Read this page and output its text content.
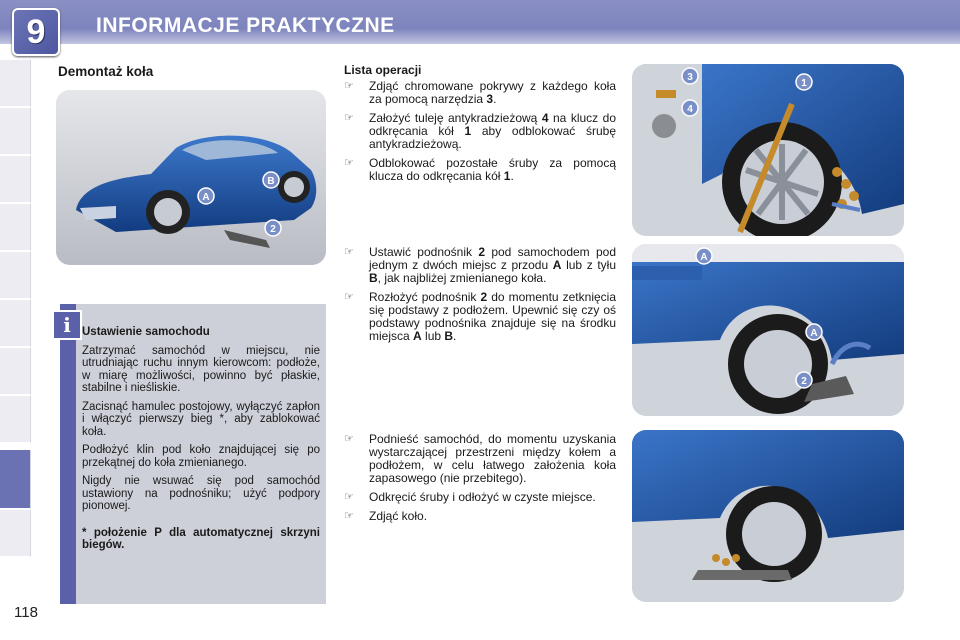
9 INFORMACJE PRAKTYCZNE
Demontaż koła
A
B
2
i Ustawienie samochodu

Zatrzymać samochód w miejscu, nie utrudniając ruchu innym kierowcom: podłoże, w miarę możliwości, powinno być płaskie, stabilne i nieśliskie.

Zacisnąć hamulec postojowy, wyłączyć zapłon i włączyć pierwszy bieg *, aby zablokować koła.

Podłożyć klin pod koło znajdującej się po przekątnej do koła zmienianego.

Nigdy nie wsuwać się pod samochód ustawiony na podnośniku; użyć podpory pionowej.

* położenie P dla automatycznej skrzyni biegów.

Lista operacji
☞ Zdjąć chromowane pokrywy z każdego koła za pomocą narzędzia 3.
☞ Założyć tuleję antykradzieżową 4 na klucz do odkręcania kół 1 aby odblokować śrubę antykradzieżową.
☞ Odblokować pozostałe śruby za pomocą klucza do odkręcania kół 1.
☞ Ustawić podnośnik 2 pod samochodem pod jednym z dwóch miejsc z przodu A lub z tyłu B, jak najbliżej zmienianego koła.
☞ Rozłożyć podnośnik 2 do momentu zetknięcia się podstawy z podłożem. Upewnić się czy oś podstawy podnośnika znajduje się na środku miejsca A lub B.
☞ Podnieść samochód, do momentu uzyskania wystarczającej przestrzeni między kołem a podłożem, w celu łatwego założenia koła zapasowego (nie przebitego).
☞ Odkręcić śruby i odłożyć w czyste miejsce.
☞ Zdjąć koło.
3
1
4
A
A
2
118
